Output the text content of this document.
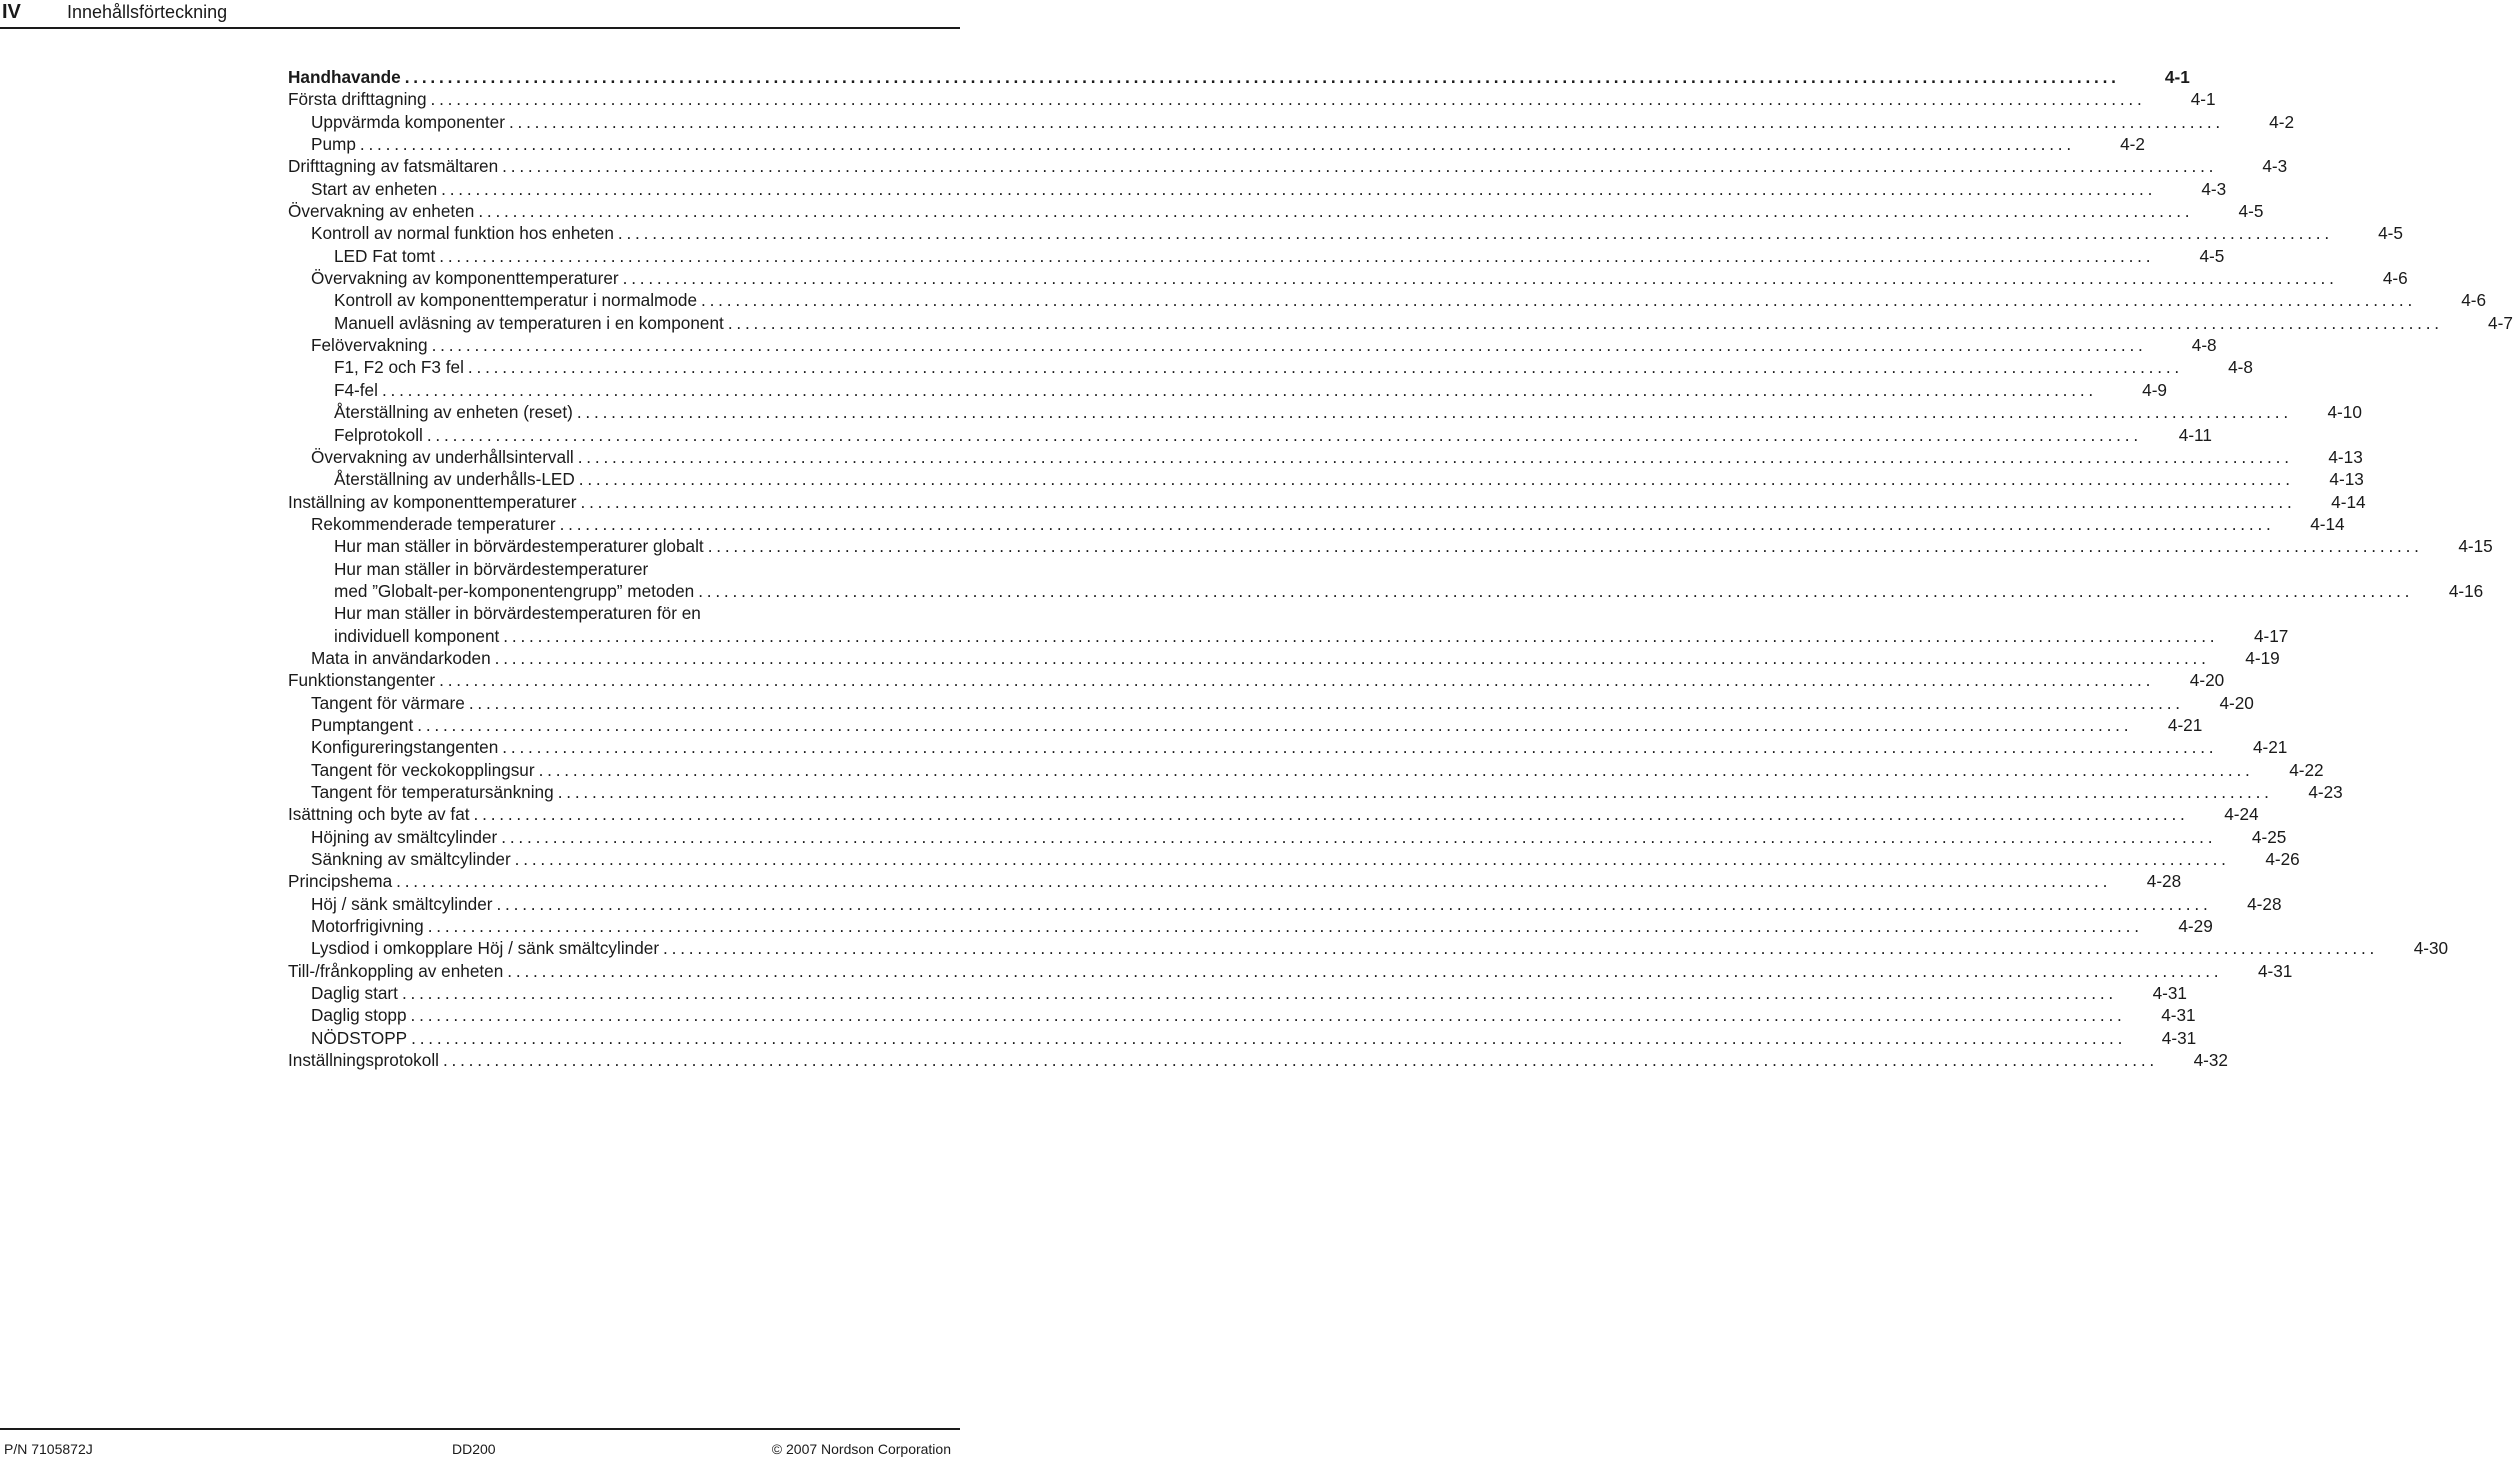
IV	Innehållsförteckning
Handhavande ........................................................................................................................................................................................................	4-1
Första drifttagning ........................................................................................................................................................................................................	4-1
Uppvärmda komponenter ........................................................................................................................................................................................................	4-2
Pump ........................................................................................................................................................................................................	4-2
Drifttagning av fatsmältaren ........................................................................................................................................................................................................	4-3
Start av enheten ........................................................................................................................................................................................................	4-3
Övervakning av enheten ........................................................................................................................................................................................................	4-5
Kontroll av normal funktion hos enheten ........................................................................................................................................................................................................	4-5
LED Fat tomt ........................................................................................................................................................................................................	4-5
Övervakning av komponenttemperaturer ........................................................................................................................................................................................................	4-6
Kontroll av komponenttemperatur i normalmode ........................................................................................................................................................................................................	4-6
Manuell avläsning av temperaturen i en komponent ........................................................................................................................................................................................................	4-7
Felövervakning ........................................................................................................................................................................................................	4-8
F1, F2 och F3 fel ........................................................................................................................................................................................................	4-8
F4-fel ........................................................................................................................................................................................................	4-9
Återställning av enheten (reset) ........................................................................................................................................................................................................	4-10
Felprotokoll ........................................................................................................................................................................................................	4-11
Övervakning av underhållsintervall ........................................................................................................................................................................................................	4-13
Återställning av underhålls-LED ........................................................................................................................................................................................................	4-13
Inställning av komponenttemperaturer ........................................................................................................................................................................................................	4-14
Rekommenderade temperaturer ........................................................................................................................................................................................................	4-14
Hur man ställer in börvärdestemperaturer globalt ........................................................................................................................................................................................................	4-15
Hur man ställer in börvärdestemperaturer
med ”Globalt-per-komponentengrupp” metoden ........................................................................................................................................................................................................	4-16
Hur man ställer in börvärdestemperaturen för en
individuell komponent ........................................................................................................................................................................................................	4-17
Mata in användarkoden ........................................................................................................................................................................................................	4-19
Funktionstangenter ........................................................................................................................................................................................................	4-20
Tangent för värmare ........................................................................................................................................................................................................	4-20
Pumptangent ........................................................................................................................................................................................................	4-21
Konfigureringstangenten ........................................................................................................................................................................................................	4-21
Tangent för veckokopplingsur ........................................................................................................................................................................................................	4-22
Tangent för temperatursänkning ........................................................................................................................................................................................................	4-23
Isättning och byte av fat ........................................................................................................................................................................................................	4-24
Höjning av smältcylinder ........................................................................................................................................................................................................	4-25
Sänkning av smältcylinder ........................................................................................................................................................................................................	4-26
Principshema ........................................................................................................................................................................................................	4-28
Höj / sänk smältcylinder ........................................................................................................................................................................................................	4-28
Motorfrigivning ........................................................................................................................................................................................................	4-29
Lysdiod i omkopplare Höj / sänk smältcylinder ........................................................................................................................................................................................................	4-30
Till-/frånkoppling av enheten ........................................................................................................................................................................................................	4-31
Daglig start ........................................................................................................................................................................................................	4-31
Daglig stopp ........................................................................................................................................................................................................	4-31
NÖDSTOPP ........................................................................................................................................................................................................	4-31
Inställningsprotokoll ........................................................................................................................................................................................................	4-32
P/N 7105872J	DD200	© 2007 Nordson Corporation
